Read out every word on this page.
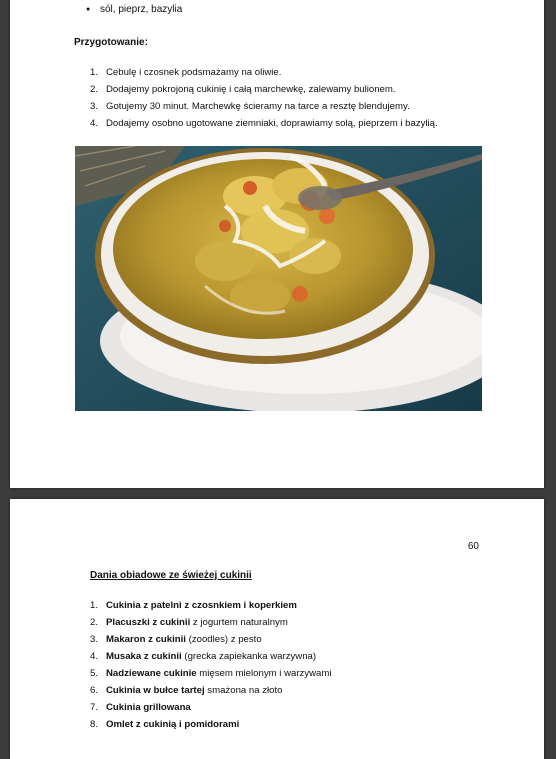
●
● sól, pieprz, bazylia
Przygotowanie:
1. Cebulę i czosnek podsmażamy na oliwie.
2. Dodajemy pokrojoną cukinię i całą marchewkę, zalewamy bulionem.
3. Gotujemy 30 minut. Marchewkę ścieramy na tarce a resztę blendujemy.
4. Dodajemy osobno ugotowane ziemniaki, doprawiamy solą, pieprzem i bazylią.
60
Dania obiadowe ze świeżej cukinii
1. Cukinia z patelni z czosnkiem i koperkiem
2. Placuszki z cukinii z jogurtem naturalnym
3. Makaron z cukinii (zoodles) z pesto
4. Musaka z cukinii (grecka zapiekanka warzywna)
5. Nadziewane cukinie mięsem mielonym i warzywami
6. Cukinia w bułce tartej smażona na złoto
7. Cukinia grillowana
8. Omlet z cukinią i pomidorami
